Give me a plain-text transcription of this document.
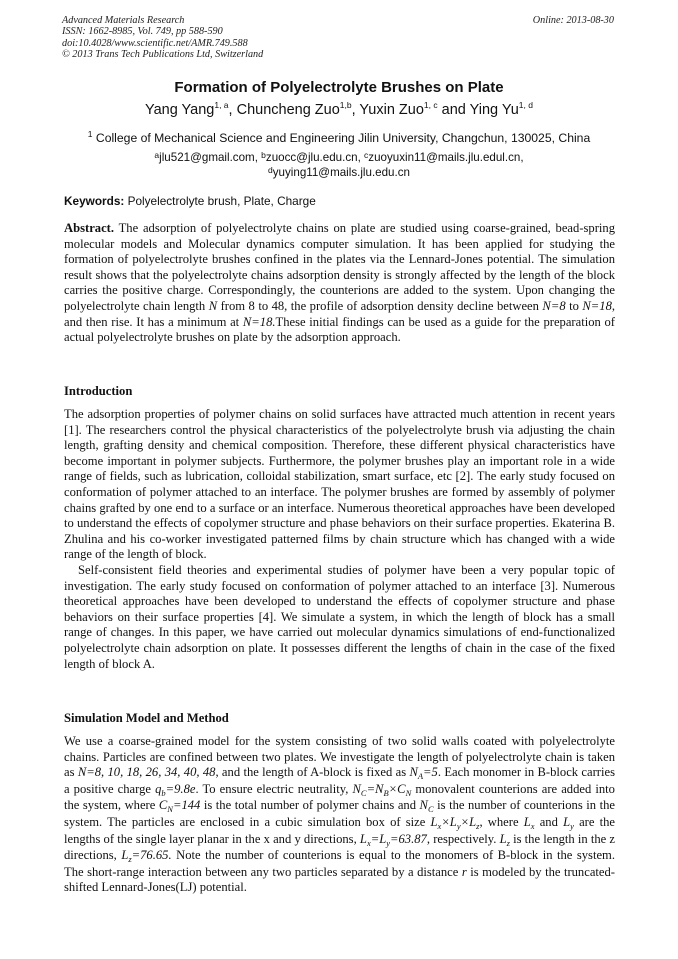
Advanced Materials Research
ISSN: 1662-8985, Vol. 749, pp 588-590
doi:10.4028/www.scientific.net/AMR.749.588
© 2013 Trans Tech Publications Ltd, Switzerland
Online: 2013-08-30
Formation of Polyelectrolyte Brushes on Plate
Yang Yang$^{1, a}$, Chuncheng Zuo$^{1,b}$, Yuxin Zuo$^{1, c}$ and Ying Yu$^{1, d}$
$^1$ College of Mechanical Science and Engineering Jilin University, Changchun, 130025, China
$^a$jlu521@gmail.com, $^b$zuocc@jlu.edu.cn, $^c$zuoyuxin11@mails.jlu.edul.cn,
$^d$yuying11@mails.jlu.edu.cn
Keywords: Polyelectrolyte brush, Plate, Charge

Abstract. The adsorption of polyelectrolyte chains on plate are studied using coarse-grained, bead-spring molecular models and Molecular dynamics computer simulation. It has been applied for studying the formation of polyelectrolyte brushes confined in the plates via the Lennard-Jones potential. The simulation result shows that the polyelectrolyte chains adsorption density is strongly affected by the length of the block carries the positive charge. Correspondingly, the counterions are added to the system. Upon changing the polyelectrolyte chain length N from 8 to 48, the profile of adsorption density decline between N=8 to N=18, and then rise. It has a minimum at N=18.These initial findings can be used as a guide for the preparation of actual polyelectrolyte brushes on plate by the adsorption approach.

Introduction

The adsorption properties of polymer chains on solid surfaces have attracted much attention in recent years [1]. The researchers control the physical characteristics of the polyelectrolyte brush via adjusting the chain length, grafting density and chemical composition. Therefore, these different physical characteristics have become important in polymer subjects. Furthermore, the polymer brushes play an important role in a wide range of fields, such as lubrication, colloidal stabilization, smart surface, etc [2]. The early study focused on conformation of polymer attached to an interface. The polymer brushes are formed by assembly of polymer chains grafted by one end to a surface or an interface. Numerous theoretical approaches have been developed to understand the effects of copolymer structure and phase behaviors on their surface properties. Ekaterina B. Zhulina and his co-worker investigated patterned films by chain structure which has changed with a wide range of the length of block.

Self-consistent field theories and experimental studies of polymer have been a very popular topic of investigation. The early study focused on conformation of polymer attached to an interface [3]. Numerous theoretical approaches have been developed to understand the effects of copolymer structure and phase behaviors on their surface properties [4]. We simulate a system, in which the length of block has a small range of changes. In this paper, we have carried out molecular dynamics simulations of end-functionalized polyelectrolyte chain adsorption on plate. It possesses different the lengths of chain in the case of the fixed length of block A.

Simulation Model and Method

We use a coarse-grained model for the system consisting of two solid walls coated with polyelectrolyte chains. Particles are confined between two plates. We investigate the length of polyelectrolyte chain is taken as N=8, 10, 18, 26, 34, 40, 48, and the length of A-block is fixed as $N_A=5$. Each monomer in B-block carries a positive charge $q_b=9.8e$. To ensure electric neutrality, $N_C=N_B\times C_N$ monovalent counterions are added into the system, where $C_N=144$ is the total number of polymer chains and $N_C$ is the number of counterions in the system. The particles are enclosed in a cubic simulation box of size $L_x\times L_y\times L_z$, where $L_x$ and $L_y$ are the lengths of the single layer planar in the x and y directions, $L_x=L_y=63.87$, respectively. $L_z$ is the length in the z directions, $L_z=76.65$. Note the number of counterions is equal to the monomers of B-block in the system. The short-range interaction between any two particles separated by a distance r is modeled by the truncated-shifted Lennard-Jones(LJ) potential.
